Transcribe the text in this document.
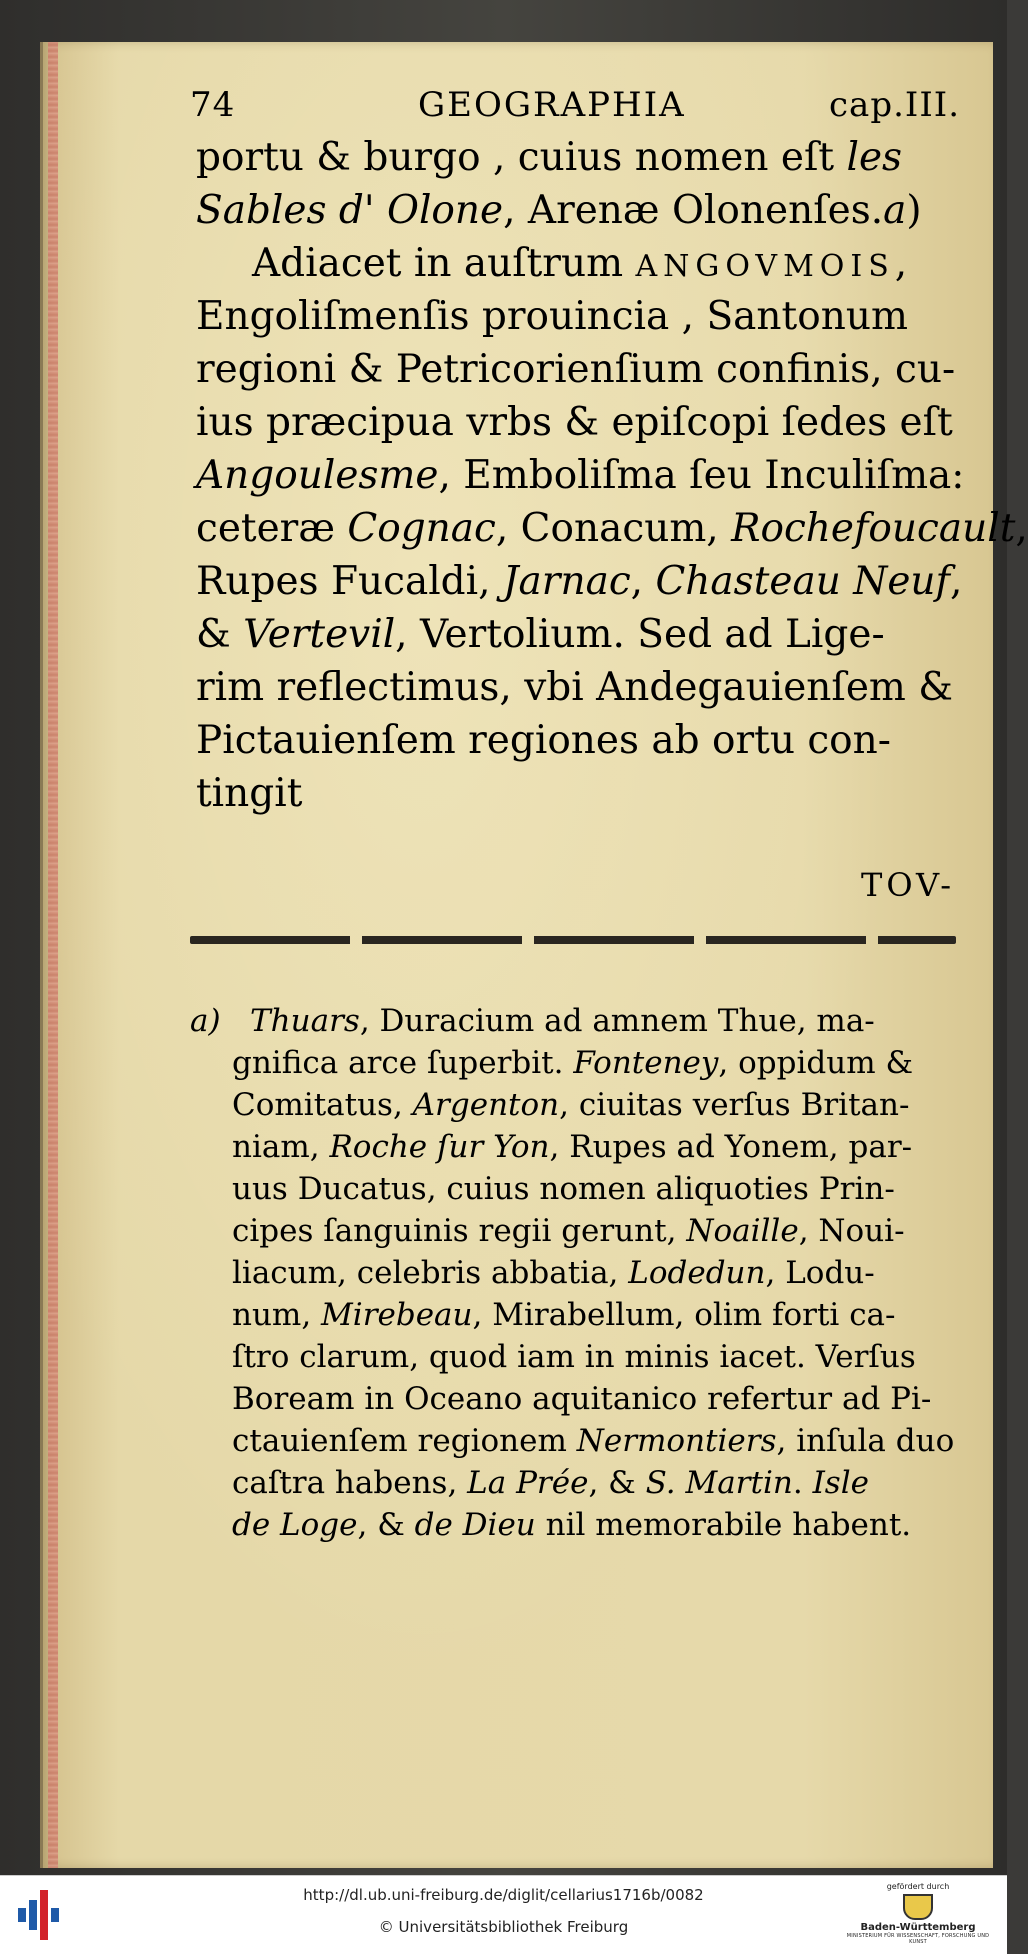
74	GEOGRAPHIA	cap.III.
portu & burgo , cuius nomen eſt les
Sables d' Olone, Arenæ Olonenſes.a)
Adiacet in auſtrum ANGOVMOIS,
Engoliſmenſis prouincia , Santonum
regioni & Petricorienſium confinis, cu-
ius præcipua vrbs & epiſcopi ſedes eſt
Angoulesme, Emboliſma ſeu Inculiſma:
ceteræ Cognac, Conacum, Rochefoucault,
Rupes Fucaldi, Jarnac, Chasteau Neuf,
& Vertevil, Vertolium. Sed ad Lige-
rim reflectimus, vbi Andegauienſem &
Pictauienſem regiones ab ortu con-
tingit
TOV-
a) Thuars, Duracium ad amnem Thue, ma-
gnifica arce ſuperbit. Fonteney, oppidum &
Comitatus, Argenton, ciuitas verſus Britan-
niam, Roche ſur Yon, Rupes ad Yonem, par-
uus Ducatus, cuius nomen aliquoties Prin-
cipes ſanguinis regii gerunt, Noaille, Noui-
liacum, celebris abbatia, Lodedun, Lodu-
num, Mirebeau, Mirabellum, olim forti ca-
ſtro clarum, quod iam in minis iacet. Verſus
Boream in Oceano aquitanico refertur ad Pi-
ctauienſem regionem Nermontiers, inſula duo
caſtra habens, La Prée, & S. Martin. Isle
de Loge, & de Dieu nil memorabile habent.
http://dl.ub.uni-freiburg.de/diglit/cellarius1716b/0082
© Universitätsbibliothek Freiburg
gefördert durch
Baden-Württemberg
MINISTERIUM FÜR WISSENSCHAFT, FORSCHUNG UND KUNST
